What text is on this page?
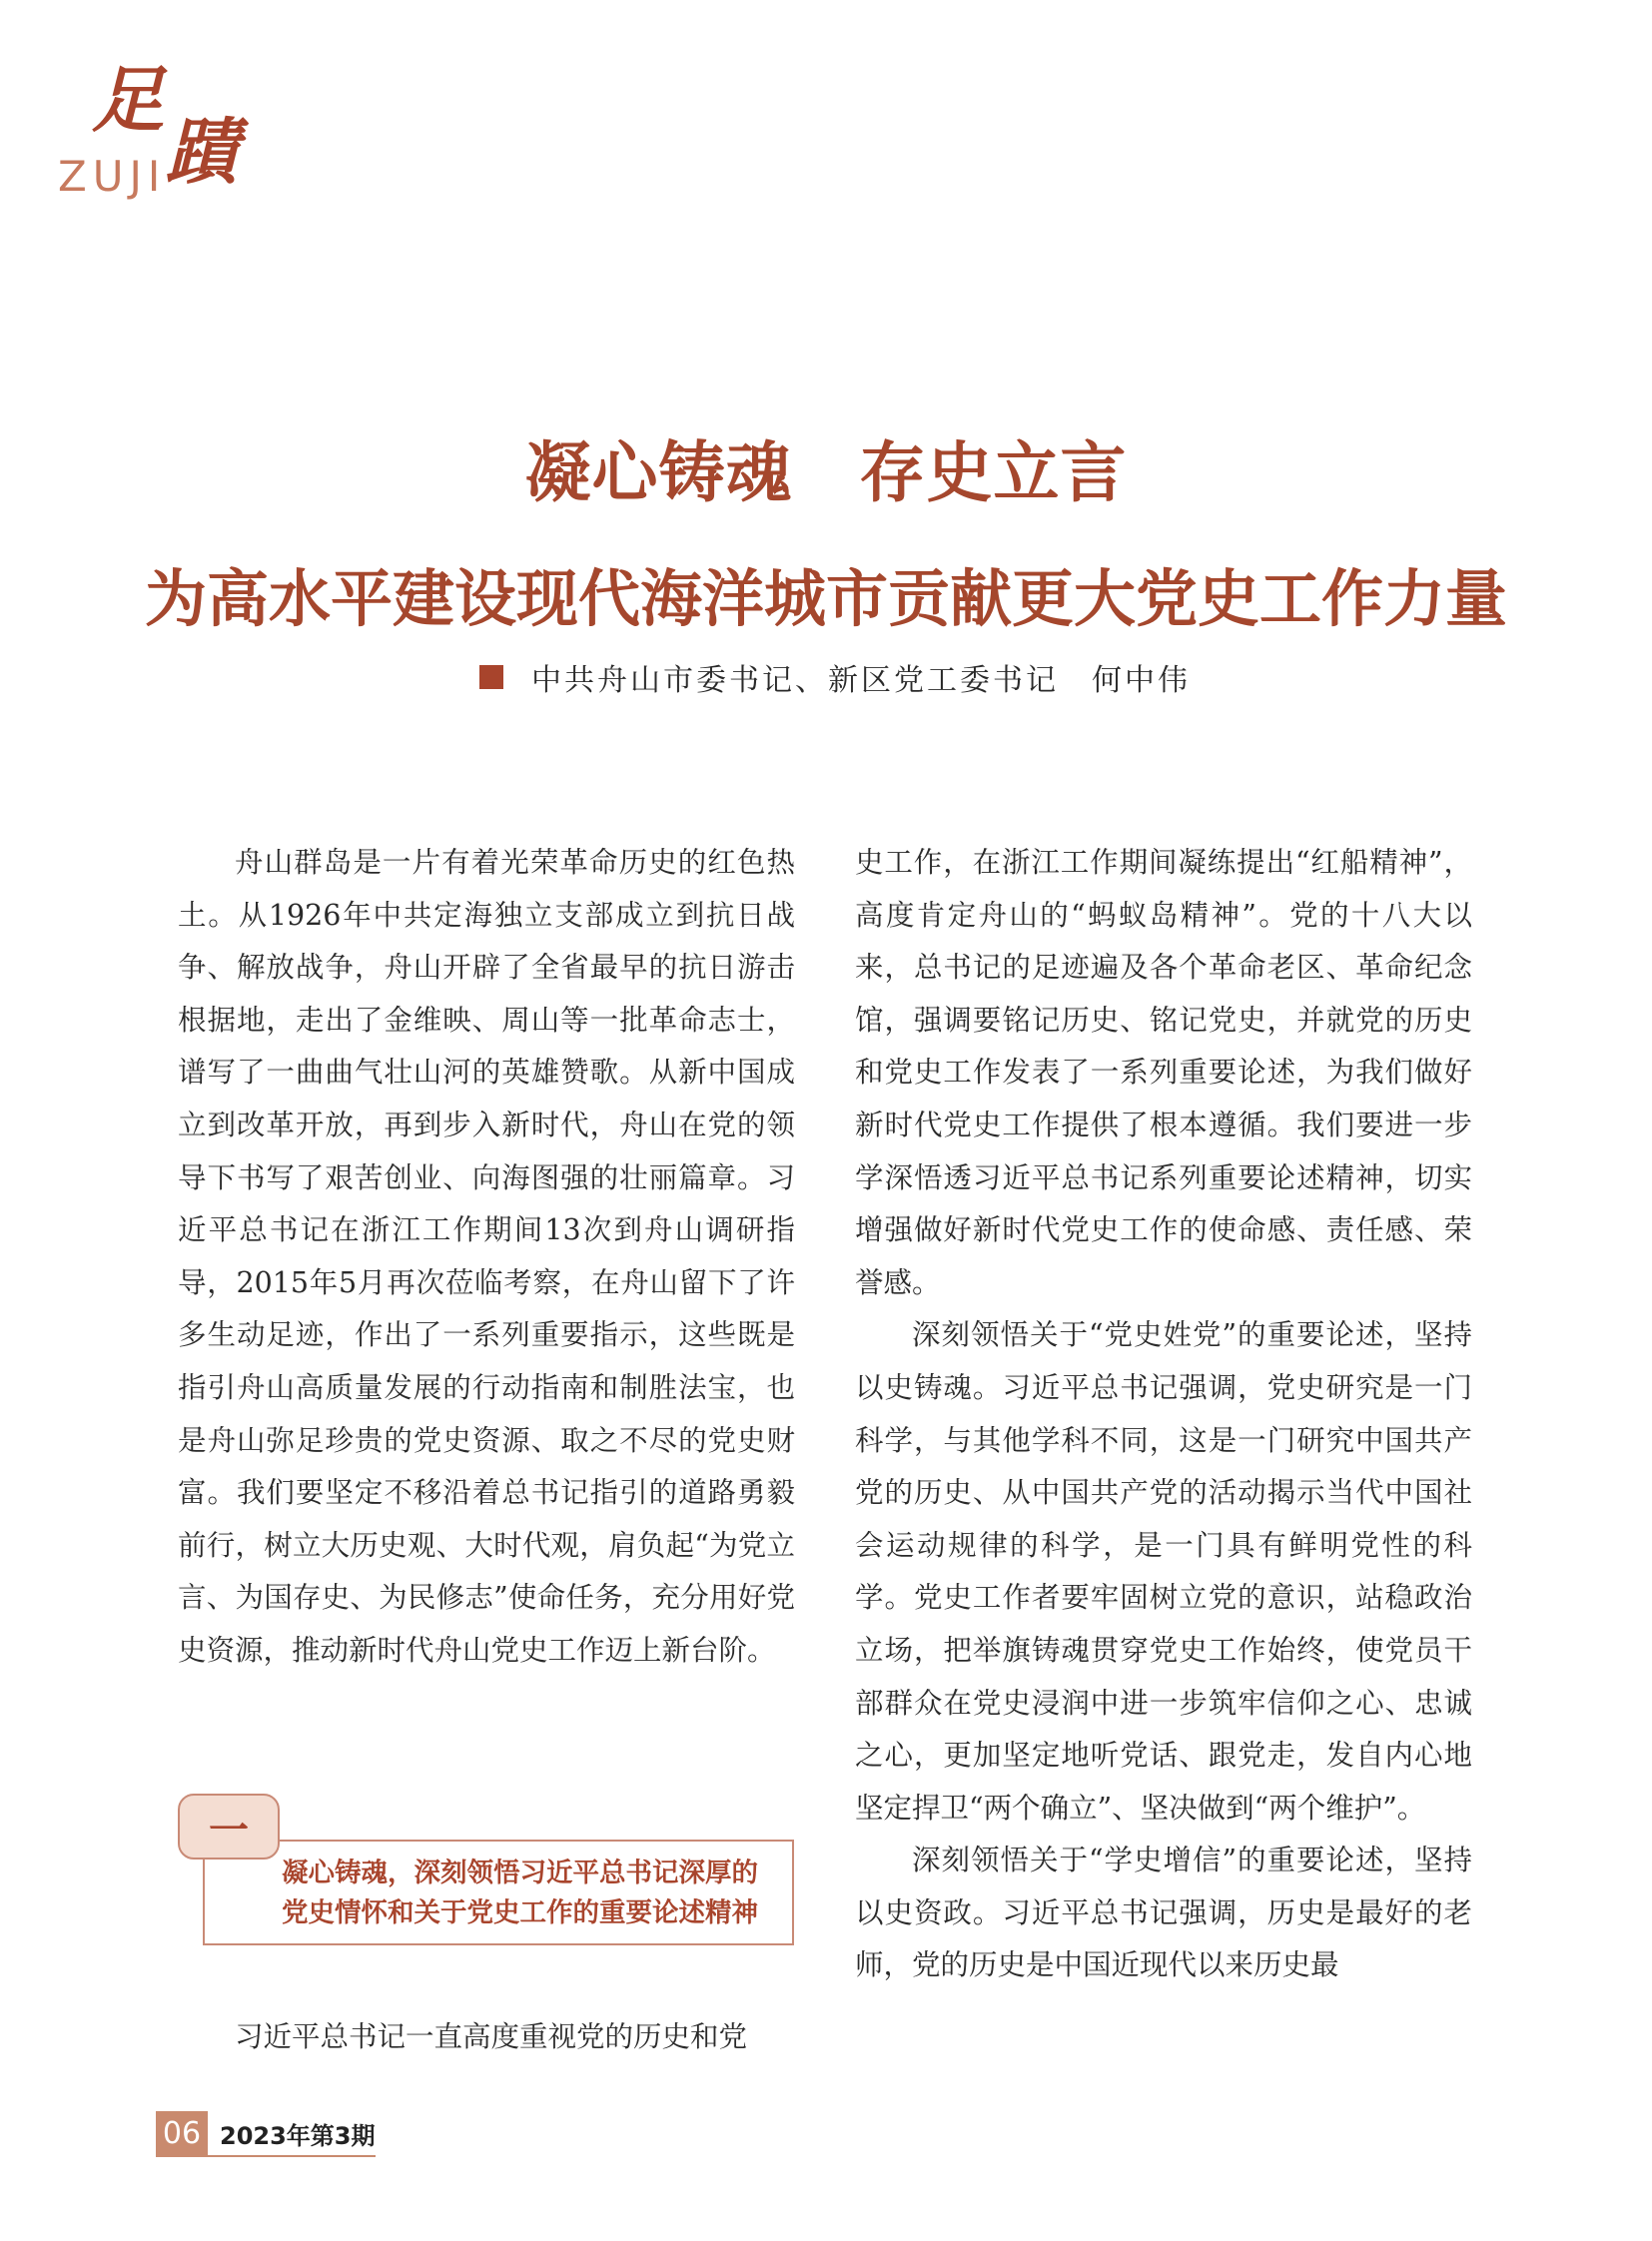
足
蹟
ZUJI
凝心铸魂　存史立言
为高水平建设现代海洋城市贡献更大党史工作力量
中共舟山市委书记、新区党工委书记　何中伟

舟山群岛是一片有着光荣革命历史的红色热土。从1926年中共定海独立支部成立到抗日战争、解放战争，舟山开辟了全省最早的抗日游击根据地，走出了金维映、周山等一批革命志士，谱写了一曲曲气壮山河的英雄赞歌。从新中国成立到改革开放，再到步入新时代，舟山在党的领导下书写了艰苦创业、向海图强的壮丽篇章。习近平总书记在浙江工作期间13次到舟山调研指导，2015年5月再次莅临考察，在舟山留下了许多生动足迹，作出了一系列重要指示，这些既是指引舟山高质量发展的行动指南和制胜法宝，也是舟山弥足珍贵的党史资源、取之不尽的党史财富。我们要坚定不移沿着总书记指引的道路勇毅前行，树立大历史观、大时代观，肩负起“为党立言、为国存史、为民修志”使命任务，充分用好党史资源，推动新时代舟山党史工作迈上新台阶。

一
凝心铸魂，深刻领悟习近平总书记深厚的
党史情怀和关于党史工作的重要论述精神

习近平总书记一直高度重视党的历史和党

史工作，在浙江工作期间凝练提出“红船精神”，高度肯定舟山的“蚂蚁岛精神”。党的十八大以来，总书记的足迹遍及各个革命老区、革命纪念馆，强调要铭记历史、铭记党史，并就党的历史和党史工作发表了一系列重要论述，为我们做好新时代党史工作提供了根本遵循。我们要进一步学深悟透习近平总书记系列重要论述精神，切实增强做好新时代党史工作的使命感、责任感、荣誉感。

深刻领悟关于“党史姓党”的重要论述，坚持以史铸魂。习近平总书记强调，党史研究是一门科学，与其他学科不同，这是一门研究中国共产党的历史、从中国共产党的活动揭示当代中国社会运动规律的科学，是一门具有鲜明党性的科学。党史工作者要牢固树立党的意识，站稳政治立场，把举旗铸魂贯穿党史工作始终，使党员干部群众在党史浸润中进一步筑牢信仰之心、忠诚之心，更加坚定地听党话、跟党走，发自内心地坚定捍卫“两个确立”、坚决做到“两个维护”。

深刻领悟关于“学史增信”的重要论述，坚持以史资政。习近平总书记强调，历史是最好的老师，党的历史是中国近现代以来历史最

06 2023年第3期
